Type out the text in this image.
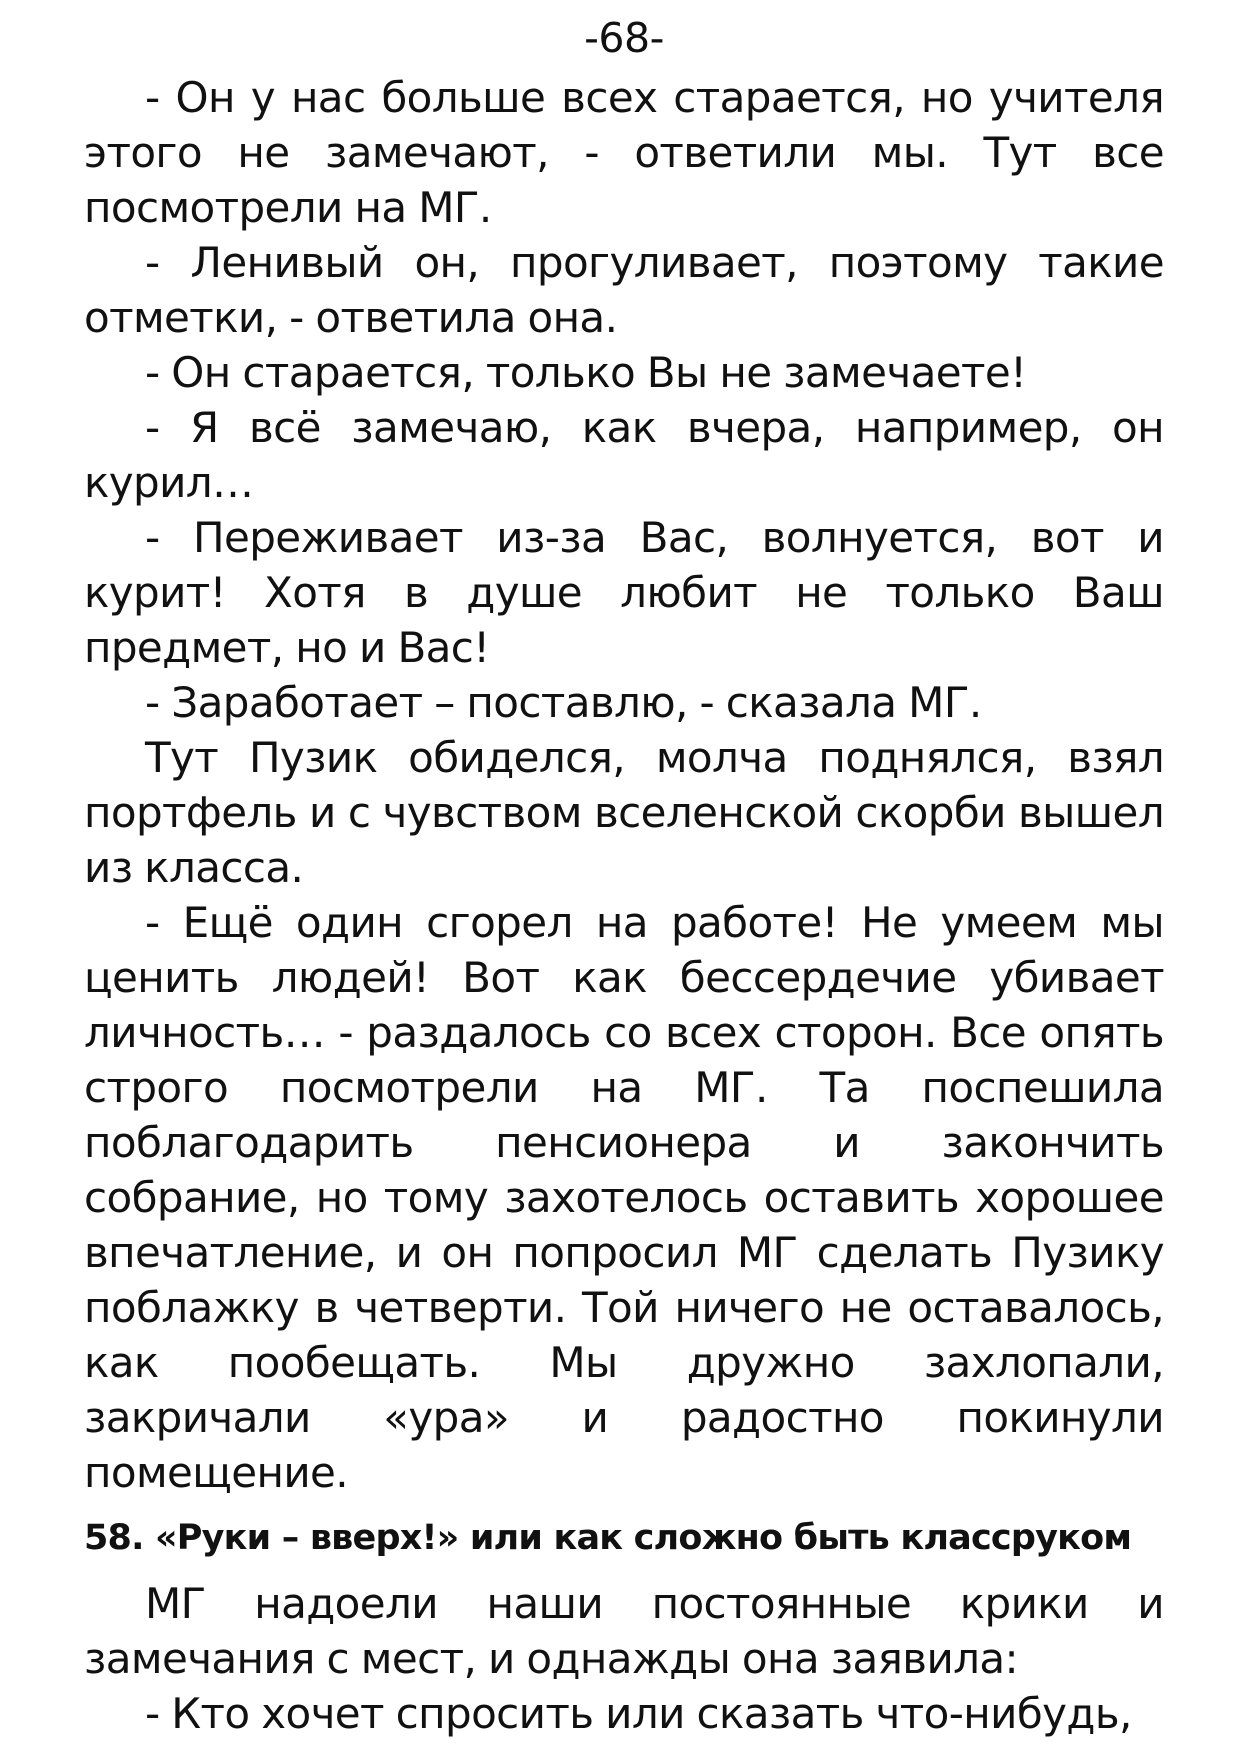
-68-

- Он у нас больше всех старается, но учителя этого не замечают, - ответили мы. Тут все посмотрели на МГ.

- Ленивый он, прогуливает, поэтому такие отметки, - ответила она.

- Он старается, только Вы не замечаете!

- Я всё замечаю, как вчера, например, он курил…

- Переживает из-за Вас, волнуется, вот и курит! Хотя в душе любит не только Ваш предмет, но и Вас!

- Заработает – поставлю, - сказала МГ.

Тут Пузик обиделся, молча поднялся, взял портфель и с чувством вселенской скорби вышел из класса.

- Ещё один сгорел на работе! Не умеем мы ценить людей! Вот как бессердечие убивает личность… - раздалось со всех сторон. Все опять строго посмотрели на МГ. Та поспешила поблагодарить пенсионера и закончить собрание, но тому захотелось оставить хорошее впечатление, и он попросил МГ сделать Пузику поблажку в четверти. Той ничего не оставалось, как пообещать. Мы дружно захлопали, закричали «ура» и радостно покинули помещение.

58. «Руки – вверх!» или как сложно быть классруком

МГ надоели наши постоянные крики и замечания с мест, и однажды она заявила:

- Кто хочет спросить или сказать что-нибудь,
